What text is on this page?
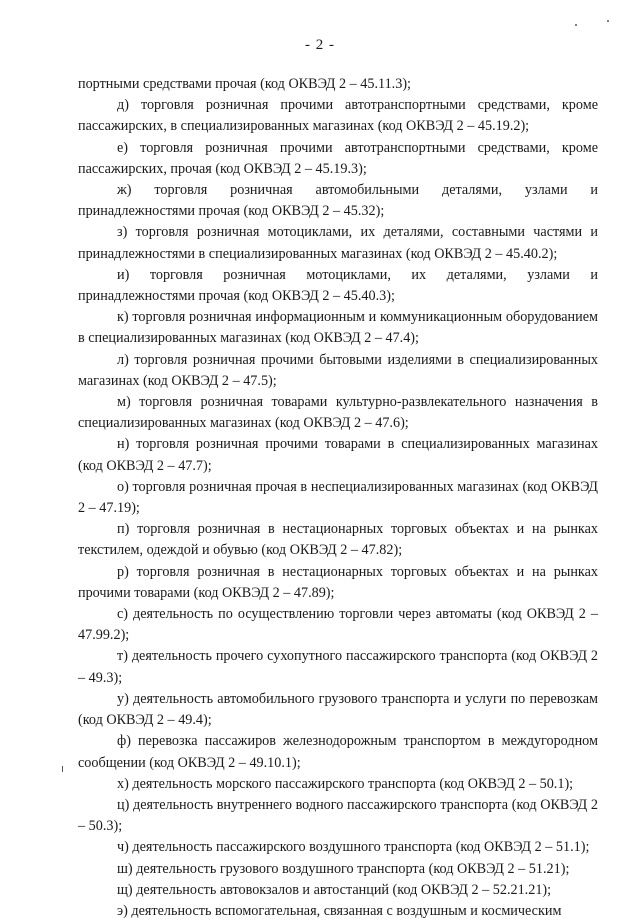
- 2 -

портными средствами прочая (код ОКВЭД 2 – 45.11.3);

д) торговля розничная прочими автотранспортными средствами, кроме пассажирских, в специализированных магазинах (код ОКВЭД 2 – 45.19.2);

е) торговля розничная прочими автотранспортными средствами, кроме пассажирских, прочая (код ОКВЭД 2 – 45.19.3);

ж) торговля розничная автомобильными деталями, узлами и принадлежностями прочая (код ОКВЭД 2 – 45.32);

з) торговля розничная мотоциклами, их деталями, составными частями и принадлежностями в специализированных магазинах (код ОКВЭД 2 – 45.40.2);

и) торговля розничная мотоциклами, их деталями, узлами и принадлежностями прочая (код ОКВЭД 2 – 45.40.3);

к) торговля розничная информационным и коммуникационным оборудованием в специализированных магазинах (код ОКВЭД 2 – 47.4);

л) торговля розничная прочими бытовыми изделиями в специализированных магазинах (код ОКВЭД 2 – 47.5);

м) торговля розничная товарами культурно-развлекательного назначения в специализированных магазинах (код ОКВЭД 2 – 47.6);

н) торговля розничная прочими товарами в специализированных магазинах (код ОКВЭД 2 – 47.7);

о) торговля розничная прочая в неспециализированных магазинах (код ОКВЭД 2 – 47.19);

п) торговля розничная в нестационарных торговых объектах и на рынках текстилем, одеждой и обувью (код ОКВЭД 2 – 47.82);

р) торговля розничная в нестационарных торговых объектах и на рынках прочими товарами (код ОКВЭД 2 – 47.89);

с) деятельность по осуществлению торговли через автоматы (код ОКВЭД 2 – 47.99.2);

т) деятельность прочего сухопутного пассажирского транспорта (код ОКВЭД 2 – 49.3);

у) деятельность автомобильного грузового транспорта и услуги по перевозкам (код ОКВЭД 2 – 49.4);

ф) перевозка пассажиров железнодорожным транспортом в междугородном сообщении (код ОКВЭД 2 – 49.10.1);

х) деятельность морского пассажирского транспорта (код ОКВЭД 2 – 50.1);

ц) деятельность внутреннего водного пассажирского транспорта (код ОКВЭД 2 – 50.3);

ч) деятельность пассажирского воздушного транспорта (код ОКВЭД 2 – 51.1);

ш) деятельность грузового воздушного транспорта (код ОКВЭД 2 – 51.21);

щ) деятельность автовокзалов и автостанций (код ОКВЭД 2 – 52.21.21);

э) деятельность вспомогательная, связанная с воздушным и космическим
